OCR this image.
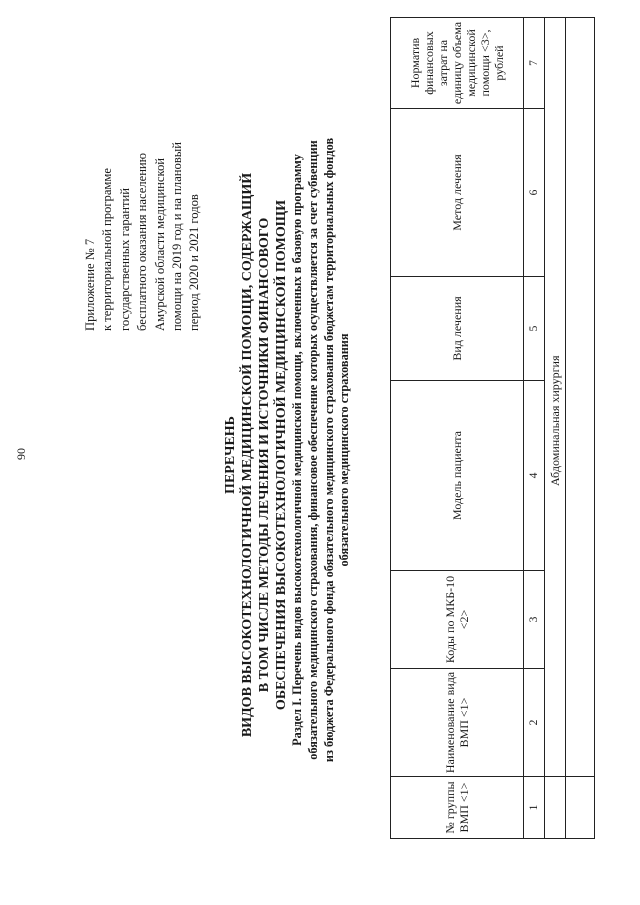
90
Приложение № 7 к территориальной программе государственных гарантий бесплатного оказания населению Амурской области медицинской помощи на 2019 год и на плановый период 2020 и 2021 годов
ПЕРЕЧЕНЬ ВИДОВ ВЫСОКОТЕХНОЛОГИЧНОЙ МЕДИЦИНСКОЙ ПОМОЩИ, СОДЕРЖАЩИЙ В ТОМ ЧИСЛЕ МЕТОДЫ ЛЕЧЕНИЯ И ИСТОЧНИКИ ФИНАНСОВОГО ОБЕСПЕЧЕНИЯ ВЫСОКОТЕХНОЛОГИЧНОЙ МЕДИЦИНСКОЙ ПОМОЩИ Раздел I. Перечень видов высокотехнологичной медицинской помощи, включенных в базовую программу обязательного медицинского страхования, финансовое обеспечение которых осуществляется за счет субвенции из бюджета Федерального фонда обязательного медицинского страхования бюджетам территориальных фондов обязательного медицинского страхования
№ группы ВМП <1>	Наименование вида ВМП <1>	Коды по МКБ-10 <2>	Модель пациента	Вид лечения	Метод лечения	Норматив финансовых затрат на единицу объема медицинской помощи <3>, рублей
1	2	3	4	5	6	7
	Абдоминальная хирургия					
